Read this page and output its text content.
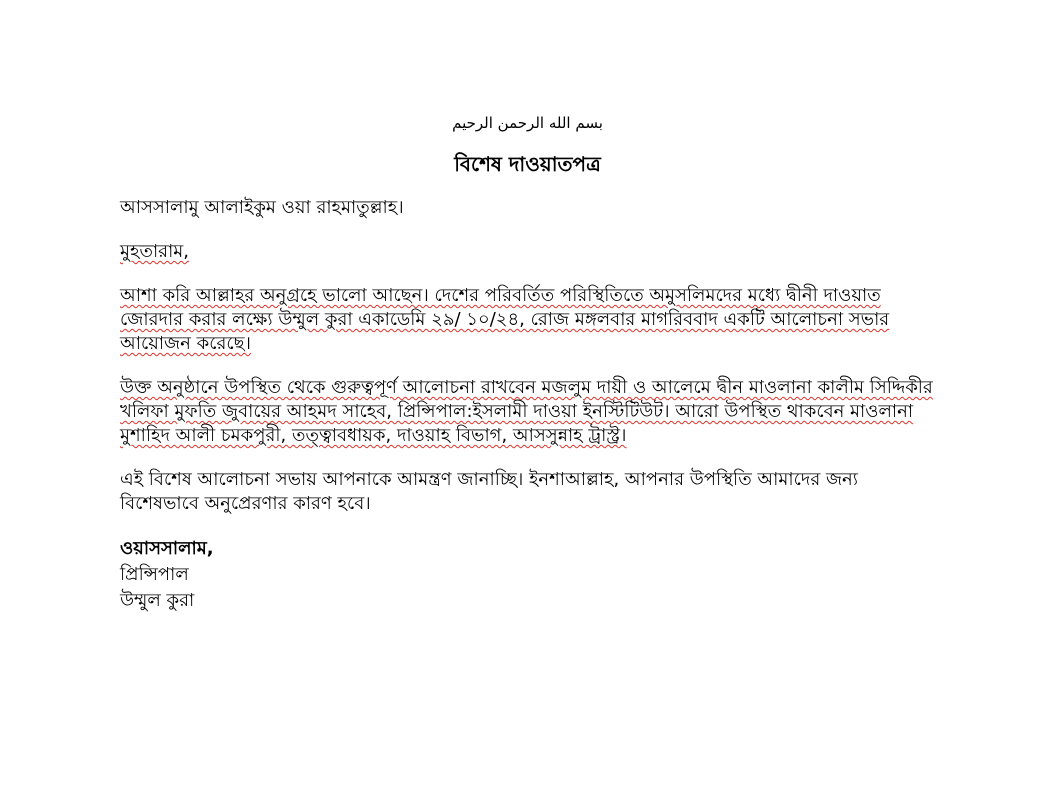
بسم الله الرحمن الرحيم
বিশেষ দাওয়াতপত্র
আসসালামু আলাইকুম ওয়া রাহমাতুল্লাহ।
মুহতারাম,
আশা করি আল্লাহর অনুগ্রহে ভালো আছেন। দেশের পরিবর্তিত পরিস্থিতিতে অমুসলিমদের মধ্যে দ্বীনী দাওয়াত জোরদার করার লক্ষ্যে উম্মুল কুরা একাডেমি ২৯/ ১০/২৪, রোজ মঙ্গলবার মাগরিববাদ একটি আলোচনা সভার আয়োজন করেছে।
উক্ত অনুষ্ঠানে উপস্থিত থেকে গুরুত্বপূর্ণ আলোচনা রাখবেন মজলুম দায়ী ও আলেমে দ্বীন মাওলানা কালীম সিদ্দিকীর খলিফা মুফতি জুবায়ের আহমদ সাহেব, প্রিন্সিপাল:ইসলামী দাওয়া ইনস্টিটিউট। আরো উপস্থিত থাকবেন মাওলানা মুশাহিদ আলী চমকপুরী, তত্ত্বাবধায়ক, দাওয়াহ বিভাগ, আসসুন্নাহ ট্রাস্ট্র।
এই বিশেষ আলোচনা সভায় আপনাকে আমন্ত্রণ জানাচ্ছি। ইনশাআল্লাহ, আপনার উপস্থিতি আমাদের জন্য বিশেষভাবে অনুপ্রেরণার কারণ হবে।
ওয়াসসালাম,
প্রিন্সিপাল
উম্মুল কুরা
